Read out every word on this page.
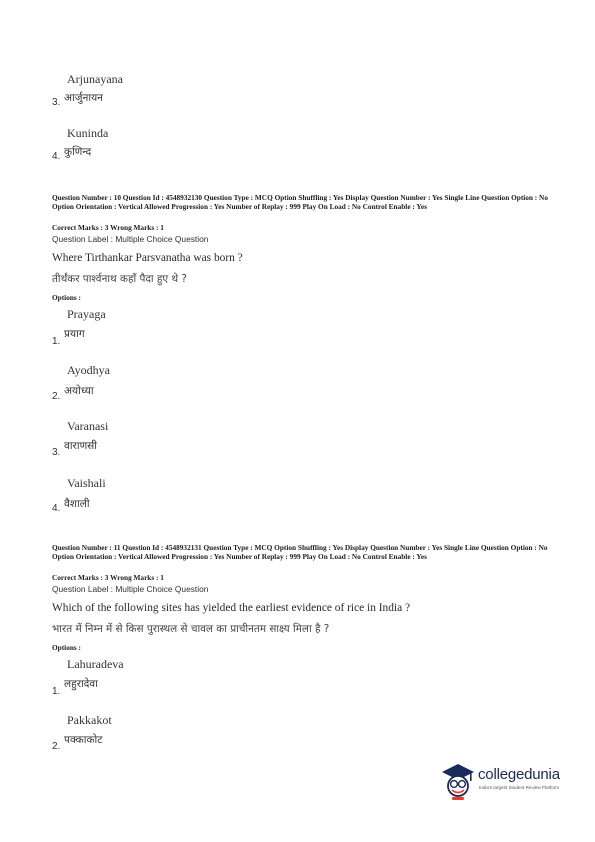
Arjunayana
3. आर्जुनायन
Kuninda
4. कुणिन्द
Question Number : 10 Question Id : 4548932130 Question Type : MCQ Option Shuffling : Yes Display Question Number : Yes Single Line Question Option : No Option Orientation : Vertical Allowed Progression : Yes Number of Replay : 999 Play On Load : No Control Enable : Yes
Correct Marks : 3 Wrong Marks : 1
Question Label : Multiple Choice Question
Where Tirthankar Parsvanatha was born ?
तीर्थंकर पार्श्वनाथ कहाँ पैदा हुए थे ?
Options :
Prayaga
1.
प्रयाग
Ayodhya
2. अयोध्या
Varanasi
3.
वाराणसी
Vaishali
4. वैशाली
Question Number : 11 Question Id : 4548932131 Question Type : MCQ Option Shuffling : Yes Display Question Number : Yes Single Line Question Option : No Option Orientation : Vertical Allowed Progression : Yes Number of Replay : 999 Play On Load : No Control Enable : Yes
Correct Marks : 3 Wrong Marks : 1
Question Label : Multiple Choice Question
Which of the following sites has yielded the earliest evidence of rice in India ?
भारत में निम्न में से किस पुरास्थल से चावल का प्राचीनतम साक्ष्य मिला है ?
Options :
Lahuradeva
1.
लहुरादेवा
Pakkakot
2.
पक्काकोट
collegedunia
India's largest Student Review Platform
